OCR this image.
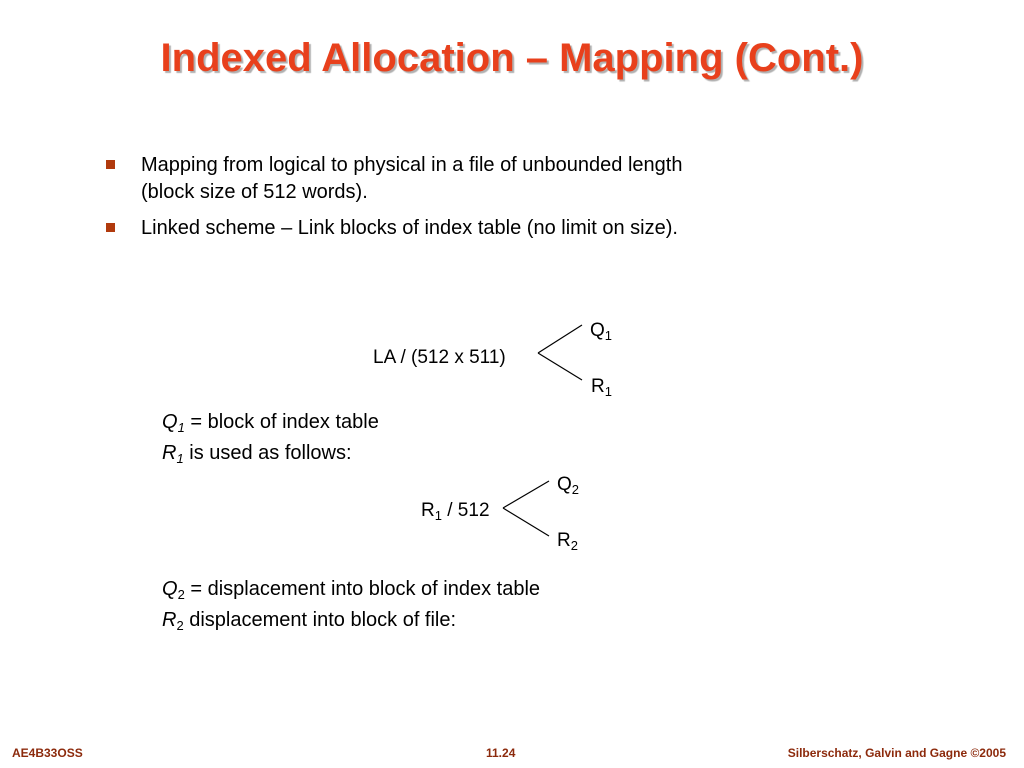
Indexed Allocation – Mapping (Cont.)
Mapping from logical to physical in a file of unbounded length
(block size of 512 words).
Linked scheme – Link blocks of index table (no limit on size).
LA / (512 x 511)
$Q_1$
$R_1$
$Q_1$ = block of index table
$R_1$ is used as follows:
$R_1 / 512$
$Q_2$
$R_2$
$Q_2$ = displacement into block of index table
$R_2$ displacement into block of file:
AE4B33OSS	11.24	Silberschatz, Galvin and Gagne ©2005
